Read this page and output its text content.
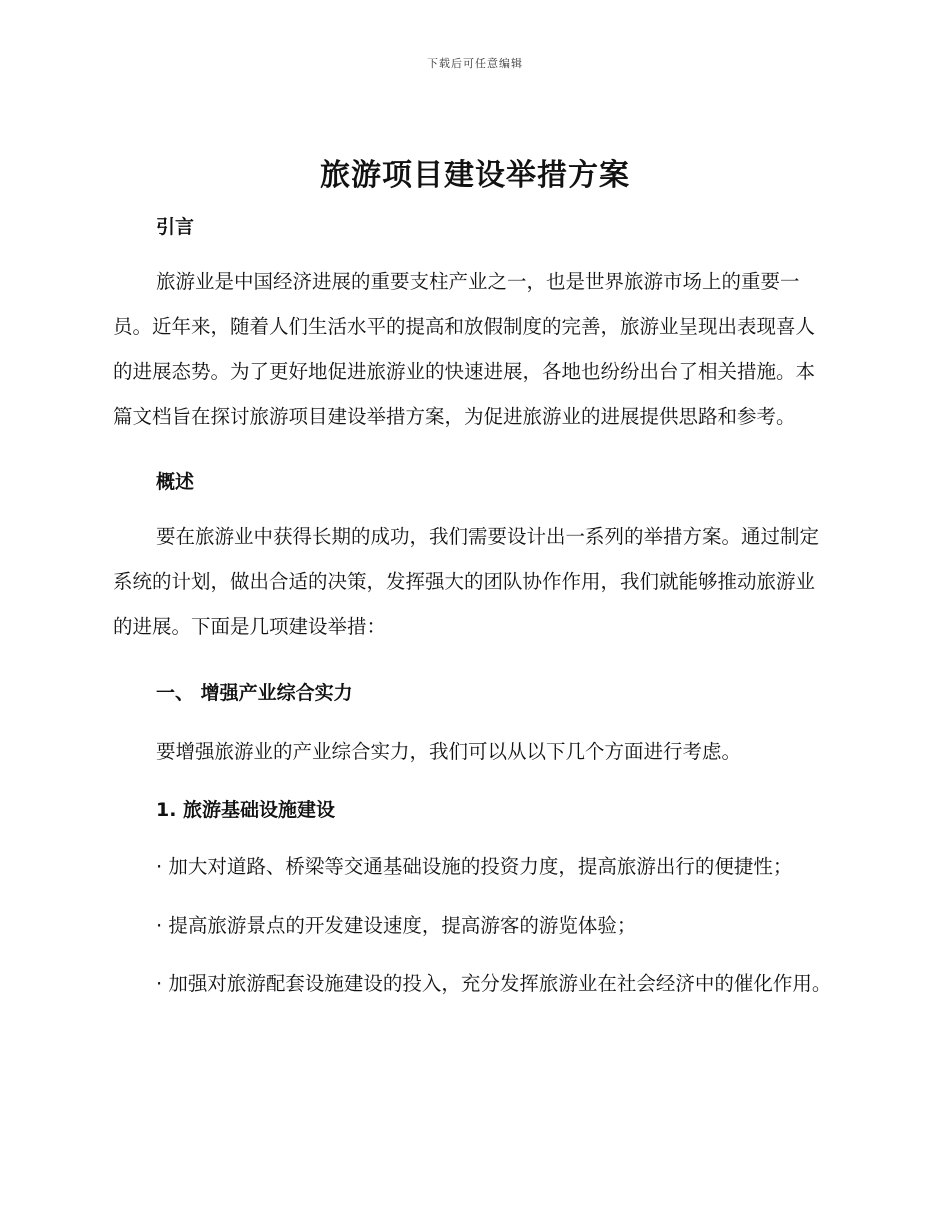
下载后可任意编辑
旅游项目建设举措方案
引言

旅游业是中国经济进展的重要支柱产业之一，也是世界旅游市场上的重要一员。近年来，随着人们生活水平的提高和放假制度的完善，旅游业呈现出表现喜人的进展态势。为了更好地促进旅游业的快速进展，各地也纷纷出台了相关措施。本篇文档旨在探讨旅游项目建设举措方案，为促进旅游业的进展提供思路和参考。

概述

要在旅游业中获得长期的成功，我们需要设计出一系列的举措方案。通过制定系统的计划，做出合适的决策，发挥强大的团队协作作用，我们就能够推动旅游业的进展。下面是几项建设举措：

一、 增强产业综合实力

要增强旅游业的产业综合实力，我们可以从以下几个方面进行考虑。

1. 旅游基础设施建设

· 加大对道路、桥梁等交通基础设施的投资力度，提高旅游出行的便捷性；

· 提高旅游景点的开发建设速度，提高游客的游览体验；

· 加强对旅游配套设施建设的投入，充分发挥旅游业在社会经济中的催化作用。
